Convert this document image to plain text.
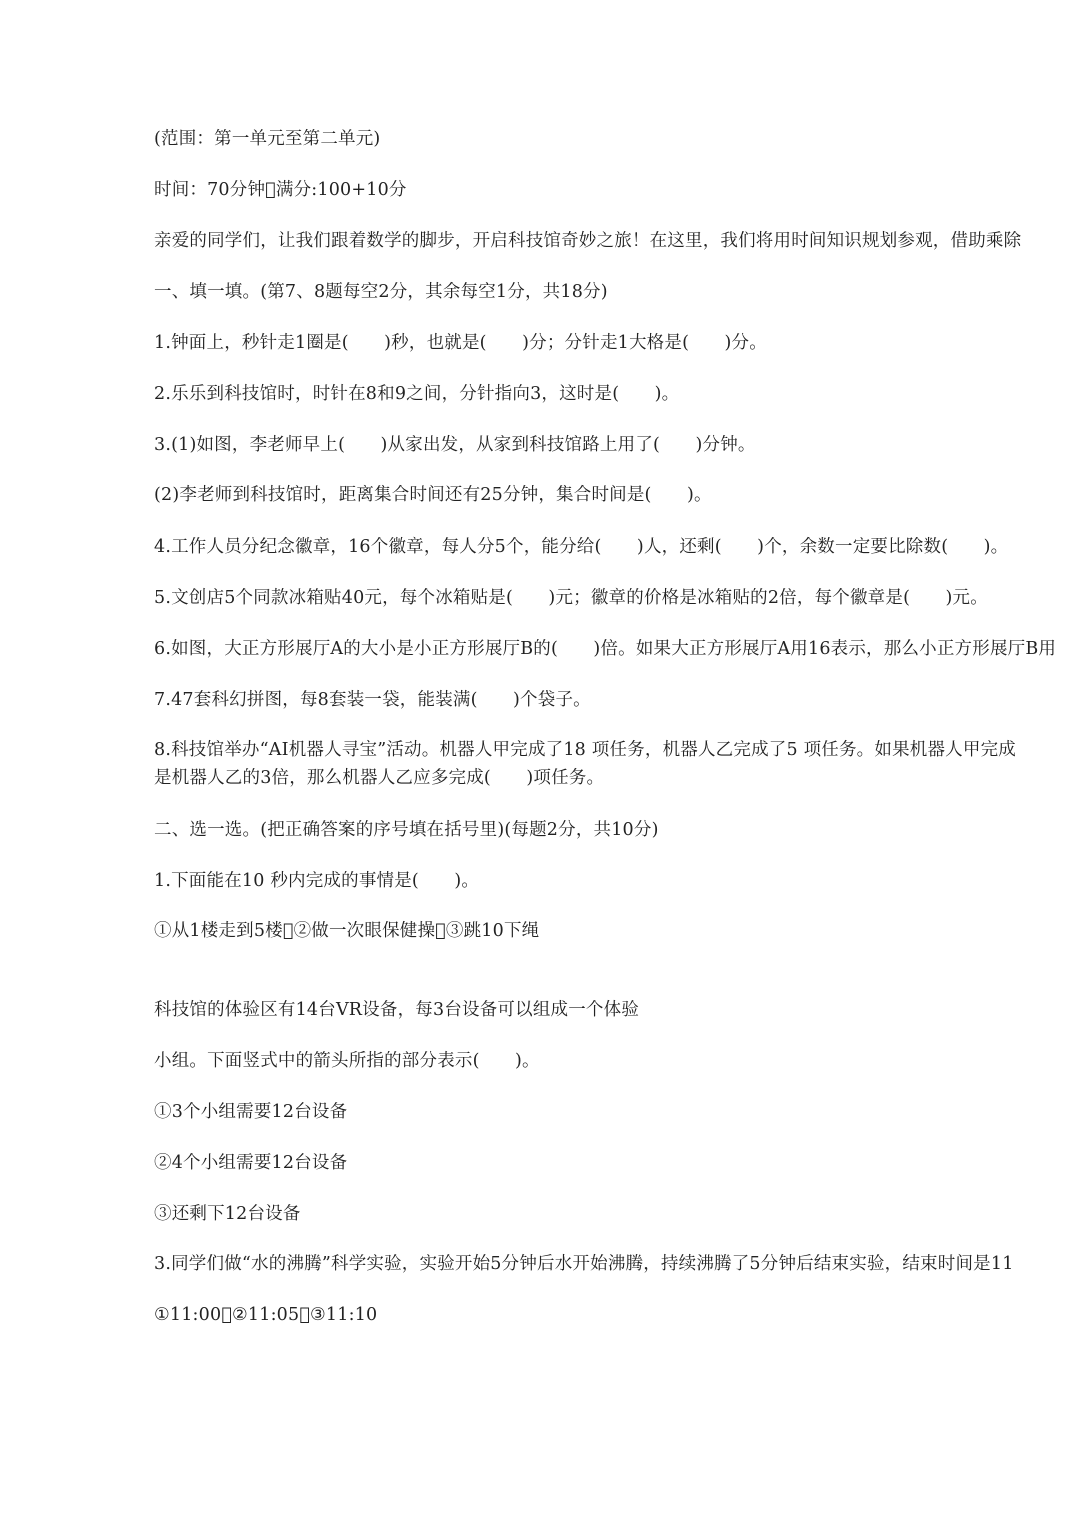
(范围：第一单元至第二单元)
时间：70分钟 满分:100+10分
亲爱的同学们，让我们跟着数学的脚步，开启科技馆奇妙之旅！在这里，我们将用时间知识规划参观，借助乘除
一、填一填。(第7、8题每空2分，其余每空1分，共18分)
1.钟面上，秒针走1圈是(　　)秒，也就是(　　)分；分针走1大格是(　　)分。
2.乐乐到科技馆时，时针在8和9之间，分针指向3，这时是(　　)。
3.(1)如图，李老师早上(　　)从家出发，从家到科技馆路上用了(　　)分钟。
(2)李老师到科技馆时，距离集合时间还有25分钟，集合时间是(　　)。
4.工作人员分纪念徽章，16个徽章，每人分5个，能分给(　　)人，还剩(　　)个，余数一定要比除数(　　)。
5.文创店5个同款冰箱贴40元，每个冰箱贴是(　　)元；徽章的价格是冰箱贴的2倍，每个徽章是(　　)元。
6.如图，大正方形展厅A的大小是小正方形展厅B的(　　)倍。如果大正方形展厅A用16表示，那么小正方形展厅B用
7.47套科幻拼图，每8套装一袋，能装满(　　)个袋子。
8.科技馆举办“AI机器人寻宝”活动。机器人甲完成了18 项任务，机器人乙完成了5 项任务。如果机器人甲完成
是机器人乙的3倍，那么机器人乙应多完成(　　)项任务。
二、选一选。(把正确答案的序号填在括号里)(每题2分，共10分)
1.下面能在10 秒内完成的事情是(　　)。
①从1楼走到5楼 ②做一次眼保健操 ③跳10下绳
科技馆的体验区有14台VR设备，每3台设备可以组成一个体验
小组。下面竖式中的箭头所指的部分表示(　　)。
①3个小组需要12台设备
②4个小组需要12台设备
③还剩下12台设备
3.同学们做“水的沸腾”科学实验，实验开始5分钟后水开始沸腾，持续沸腾了5分钟后结束实验，结束时间是11
①11:00 ②11:05 ③11:10
